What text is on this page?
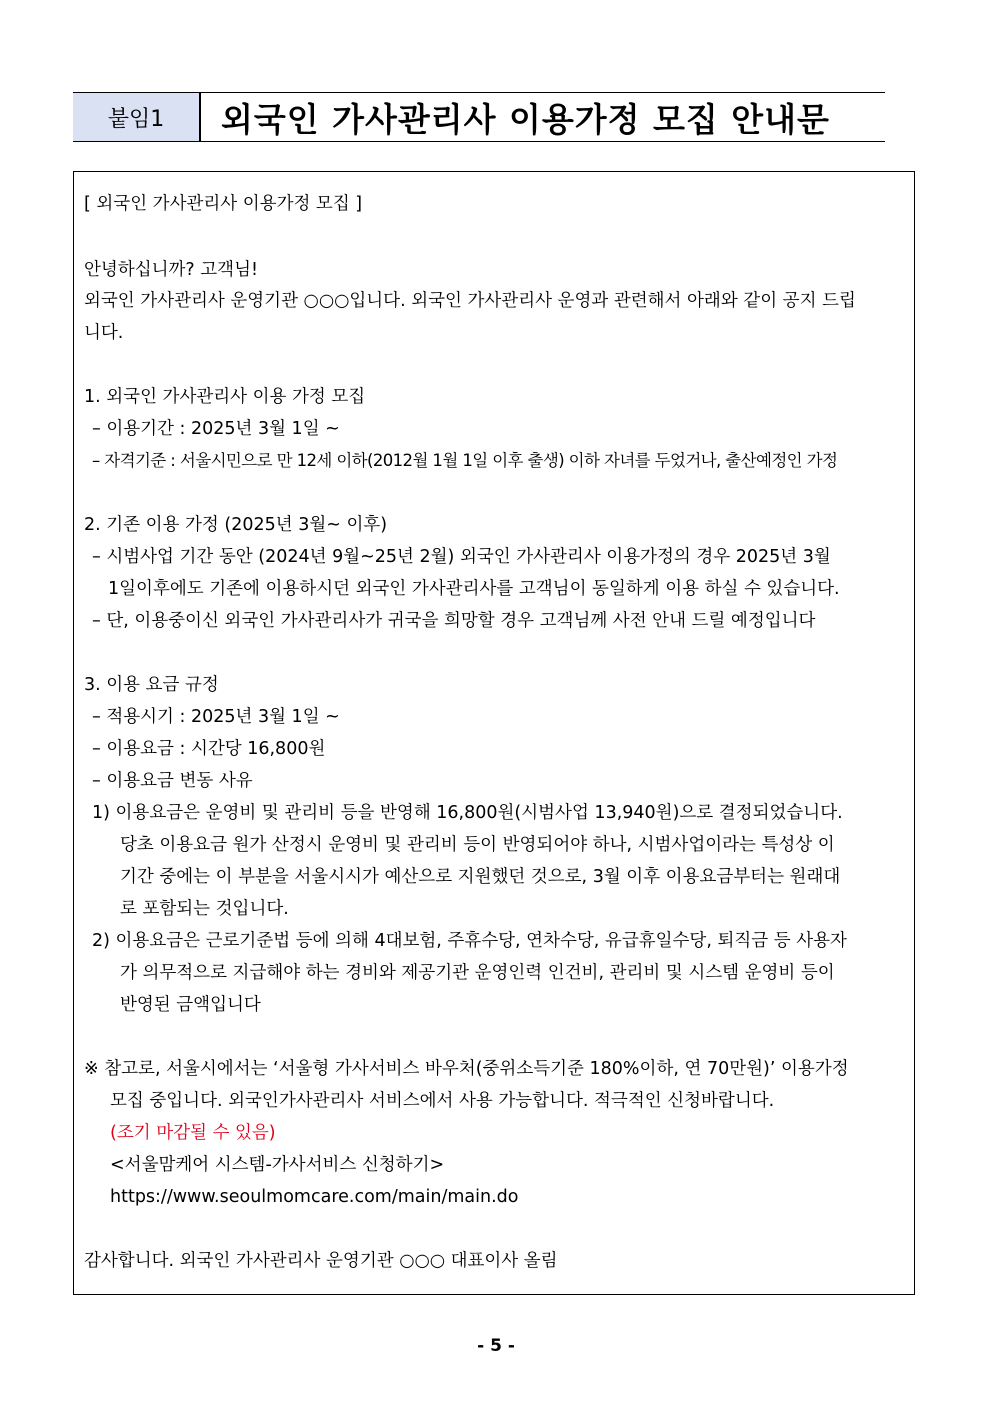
붙임1	외국인 가사관리사 이용가정 모집 안내문
[ 외국인 가사관리사 이용가정 모집 ]
안녕하십니까? 고객님!
외국인 가사관리사 운영기관 ○○○입니다. 외국인 가사관리사 운영과 관련해서 아래와 같이 공지 드립
니다.
1. 외국인 가사관리사 이용 가정 모집
– 이용기간 : 2025년 3월 1일 ~
– 자격기준 : 서울시민으로 만 12세 이하(2012월 1월 1일 이후 출생) 이하 자녀를 두었거나, 출산예정인 가정
2. 기존 이용 가정 (2025년 3월~ 이후)
– 시범사업 기간 동안 (2024년 9월~25년 2월) 외국인 가사관리사 이용가정의 경우 2025년 3월
1일이후에도 기존에 이용하시던 외국인 가사관리사를 고객님이 동일하게 이용 하실 수 있습니다.
– 단, 이용중이신 외국인 가사관리사가 귀국을 희망할 경우 고객님께 사전 안내 드릴 예정입니다
3. 이용 요금 규정
– 적용시기 : 2025년 3월 1일 ~
– 이용요금 : 시간당 16,800원
– 이용요금 변동 사유
1) 이용요금은 운영비 및 관리비 등을 반영해 16,800원(시범사업 13,940원)으로 결정되었습니다.
당초 이용요금 원가 산정시 운영비 및 관리비 등이 반영되어야 하나, 시범사업이라는 특성상 이
기간 중에는 이 부분을 서울시시가 예산으로 지원했던 것으로, 3월 이후 이용요금부터는 원래대
로 포함되는 것입니다.
2) 이용요금은 근로기준법 등에 의해 4대보험, 주휴수당, 연차수당, 유급휴일수당, 퇴직금 등 사용자
가 의무적으로 지급해야 하는 경비와 제공기관 운영인력 인건비, 관리비 및 시스템 운영비 등이
반영된 금액입니다
※ 참고로, 서울시에서는 ‘서울형 가사서비스 바우처(중위소득기준 180%이하, 연 70만원)’ 이용가정
모집 중입니다. 외국인가사관리사 서비스에서 사용 가능합니다. 적극적인 신청바랍니다.
(조기 마감될 수 있음)
<서울맘케어 시스템-가사서비스 신청하기>
https://www.seoulmomcare.com/main/main.do
감사합니다. 외국인 가사관리사 운영기관 ○○○ 대표이사 올림
- 5 -
